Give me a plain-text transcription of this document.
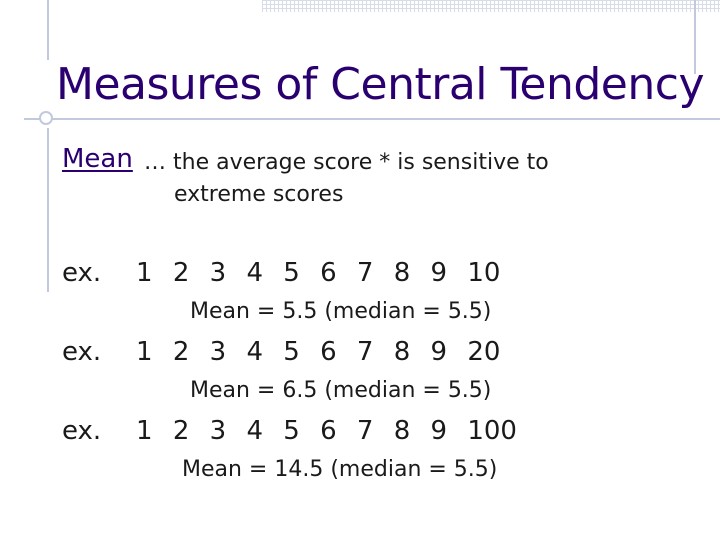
Measures of Central Tendency
Mean … the average score * is sensitive to
extreme scores
ex. 1 2 3 4 5 6 7 8 9 10
Mean = 5.5 (median = 5.5)
ex. 1 2 3 4 5 6 7 8 9 20
Mean = 6.5 (median = 5.5)
ex. 1 2 3 4 5 6 7 8 9 100
Mean = 14.5 (median = 5.5)
